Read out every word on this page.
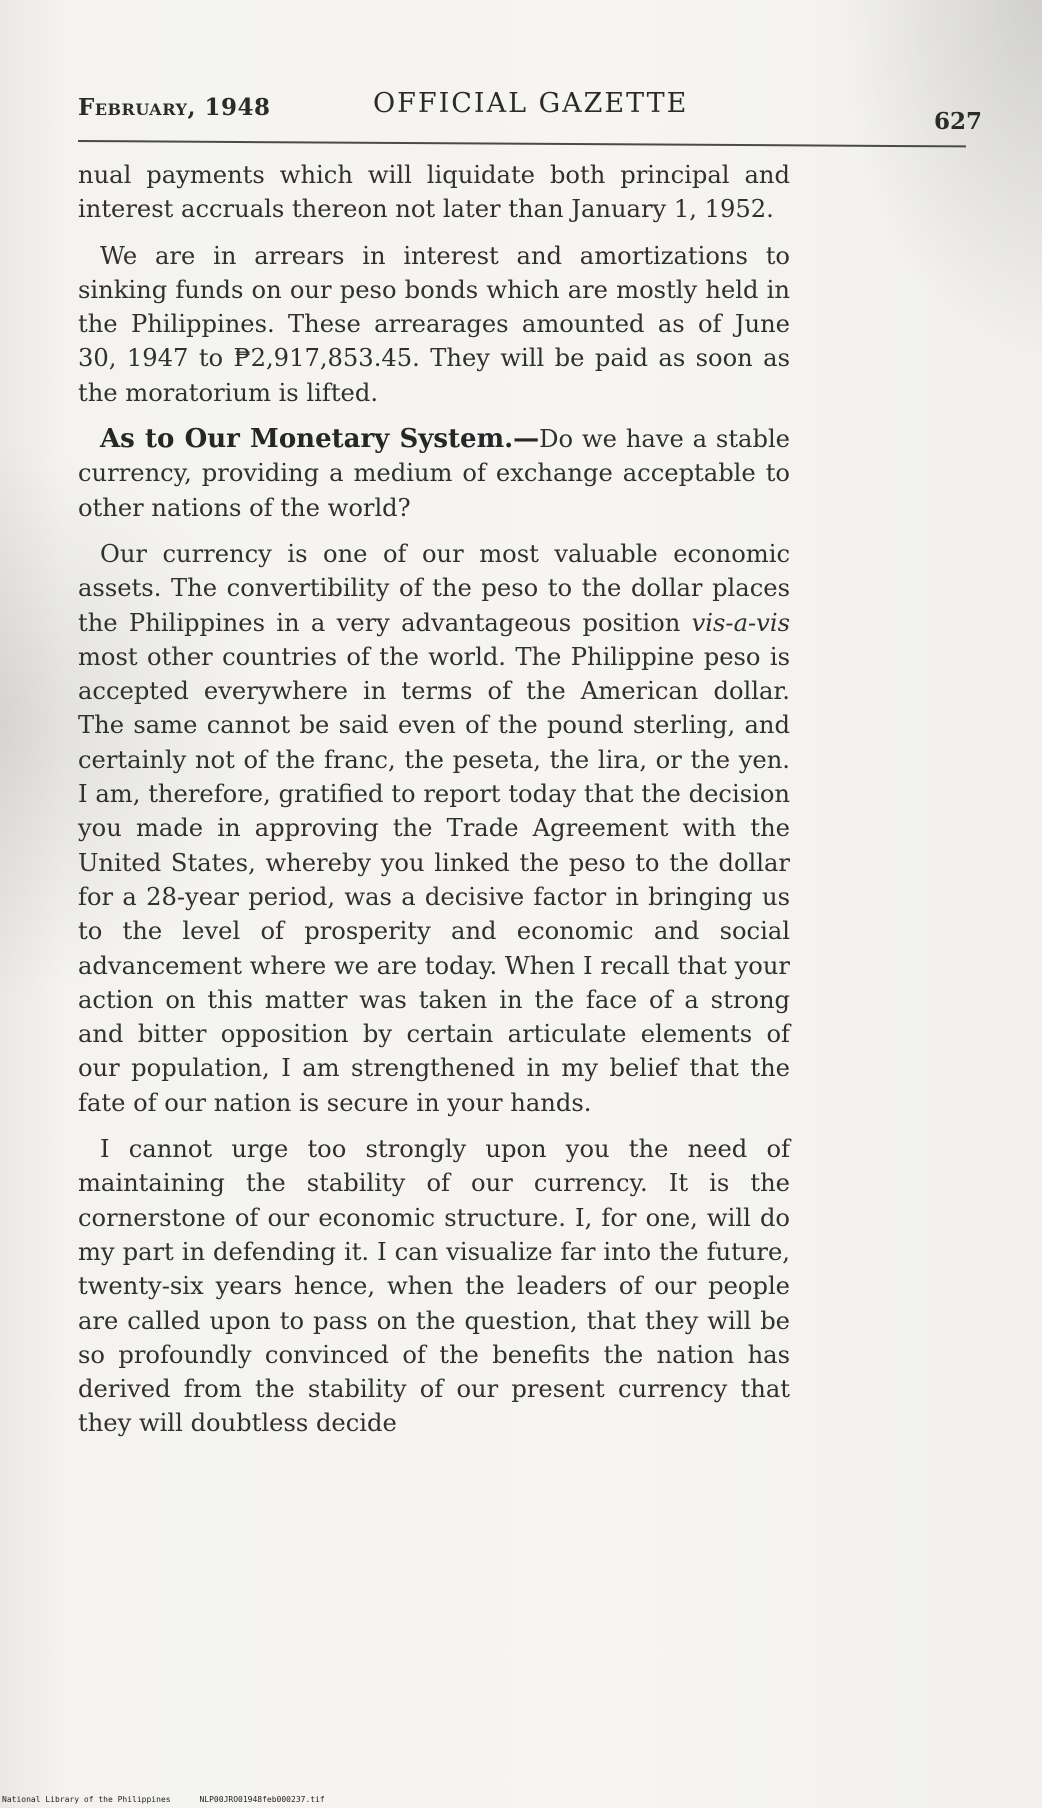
February, 1948	OFFICIAL GAZETTE
627

nual payments which will liquidate both principal and interest accruals thereon not later than January 1, 1952.

We are in arrears in interest and amortizations to sinking funds on our peso bonds which are mostly held in the Philippines. These arrearages amounted as of June 30, 1947 to ₱2,917,853.45. They will be paid as soon as the moratorium is lifted.

As to Our Monetary System.—Do we have a stable currency, providing a medium of exchange acceptable to other nations of the world?

Our currency is one of our most valuable economic assets. The convertibility of the peso to the dollar places the Philippines in a very advantageous position vis-a-vis most other countries of the world. The Philippine peso is accepted everywhere in terms of the American dollar. The same cannot be said even of the pound sterling, and certainly not of the franc, the peseta, the lira, or the yen. I am, therefore, gratified to report today that the decision you made in approving the Trade Agreement with the United States, whereby you linked the peso to the dollar for a 28-year period, was a decisive factor in bringing us to the level of prosperity and economic and social advancement where we are today. When I recall that your action on this matter was taken in the face of a strong and bitter opposition by certain articulate elements of our population, I am strengthened in my belief that the fate of our nation is secure in your hands.

I cannot urge too strongly upon you the need of maintaining the stability of our currency. It is the cornerstone of our economic structure. I, for one, will do my part in defending it. I can visualize far into the future, twenty-six years hence, when the leaders of our people are called upon to pass on the question, that they will be so profoundly convinced of the benefits the nation has derived from the stability of our present currency that they will doubtless decide

National Library of the Philippines	NLP00JRO01948feb000237.tif
